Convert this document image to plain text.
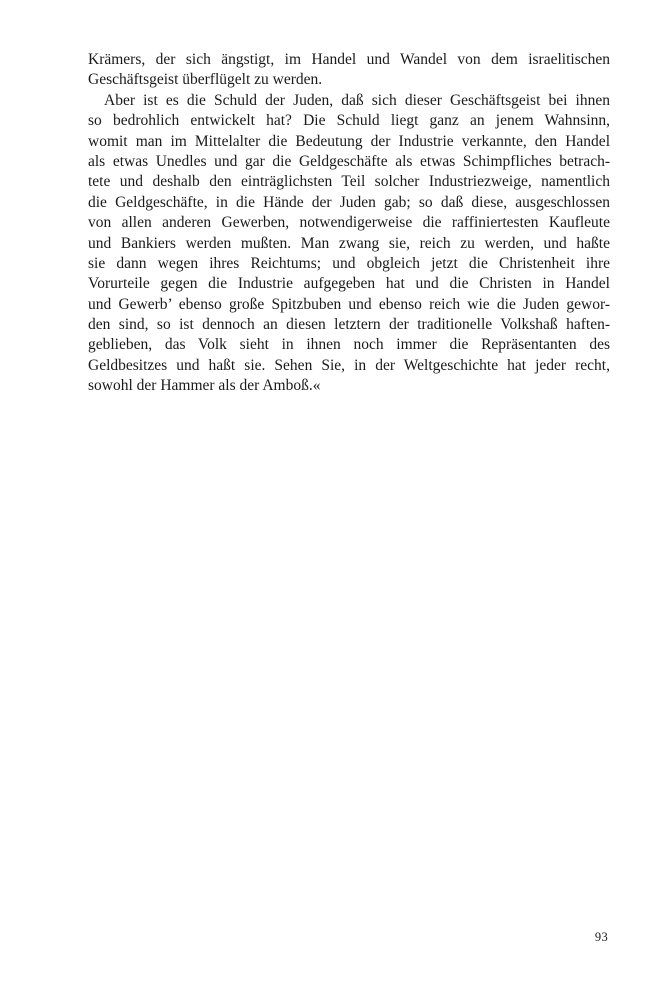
Krämers, der sich ängstigt, im Handel und Wandel von dem israelitischen
Geschäftsgeist überflügelt zu werden.

Aber ist es die Schuld der Juden, daß sich dieser Geschäftsgeist bei ihnen
so bedrohlich entwickelt hat? Die Schuld liegt ganz an jenem Wahnsinn,
womit man im Mittelalter die Bedeutung der Industrie verkannte, den Handel
als etwas Unedles und gar die Geldgeschäfte als etwas Schimpfliches betrach-
tete und deshalb den einträglichsten Teil solcher Industriezweige, namentlich
die Geldgeschäfte, in die Hände der Juden gab; so daß diese, ausgeschlossen
von allen anderen Gewerben, notwendigerweise die raffiniertesten Kaufleute
und Bankiers werden mußten. Man zwang sie, reich zu werden, und haßte
sie dann wegen ihres Reichtums; und obgleich jetzt die Christenheit ihre
Vorurteile gegen die Industrie aufgegeben hat und die Christen in Handel
und Gewerb’ ebenso große Spitzbuben und ebenso reich wie die Juden gewor-
den sind, so ist dennoch an diesen letztern der traditionelle Volkshaß haften-
geblieben, das Volk sieht in ihnen noch immer die Repräsentanten des
Geldbesitzes und haßt sie. Sehen Sie, in der Weltgeschichte hat jeder recht,
sowohl der Hammer als der Amboß.«

93
